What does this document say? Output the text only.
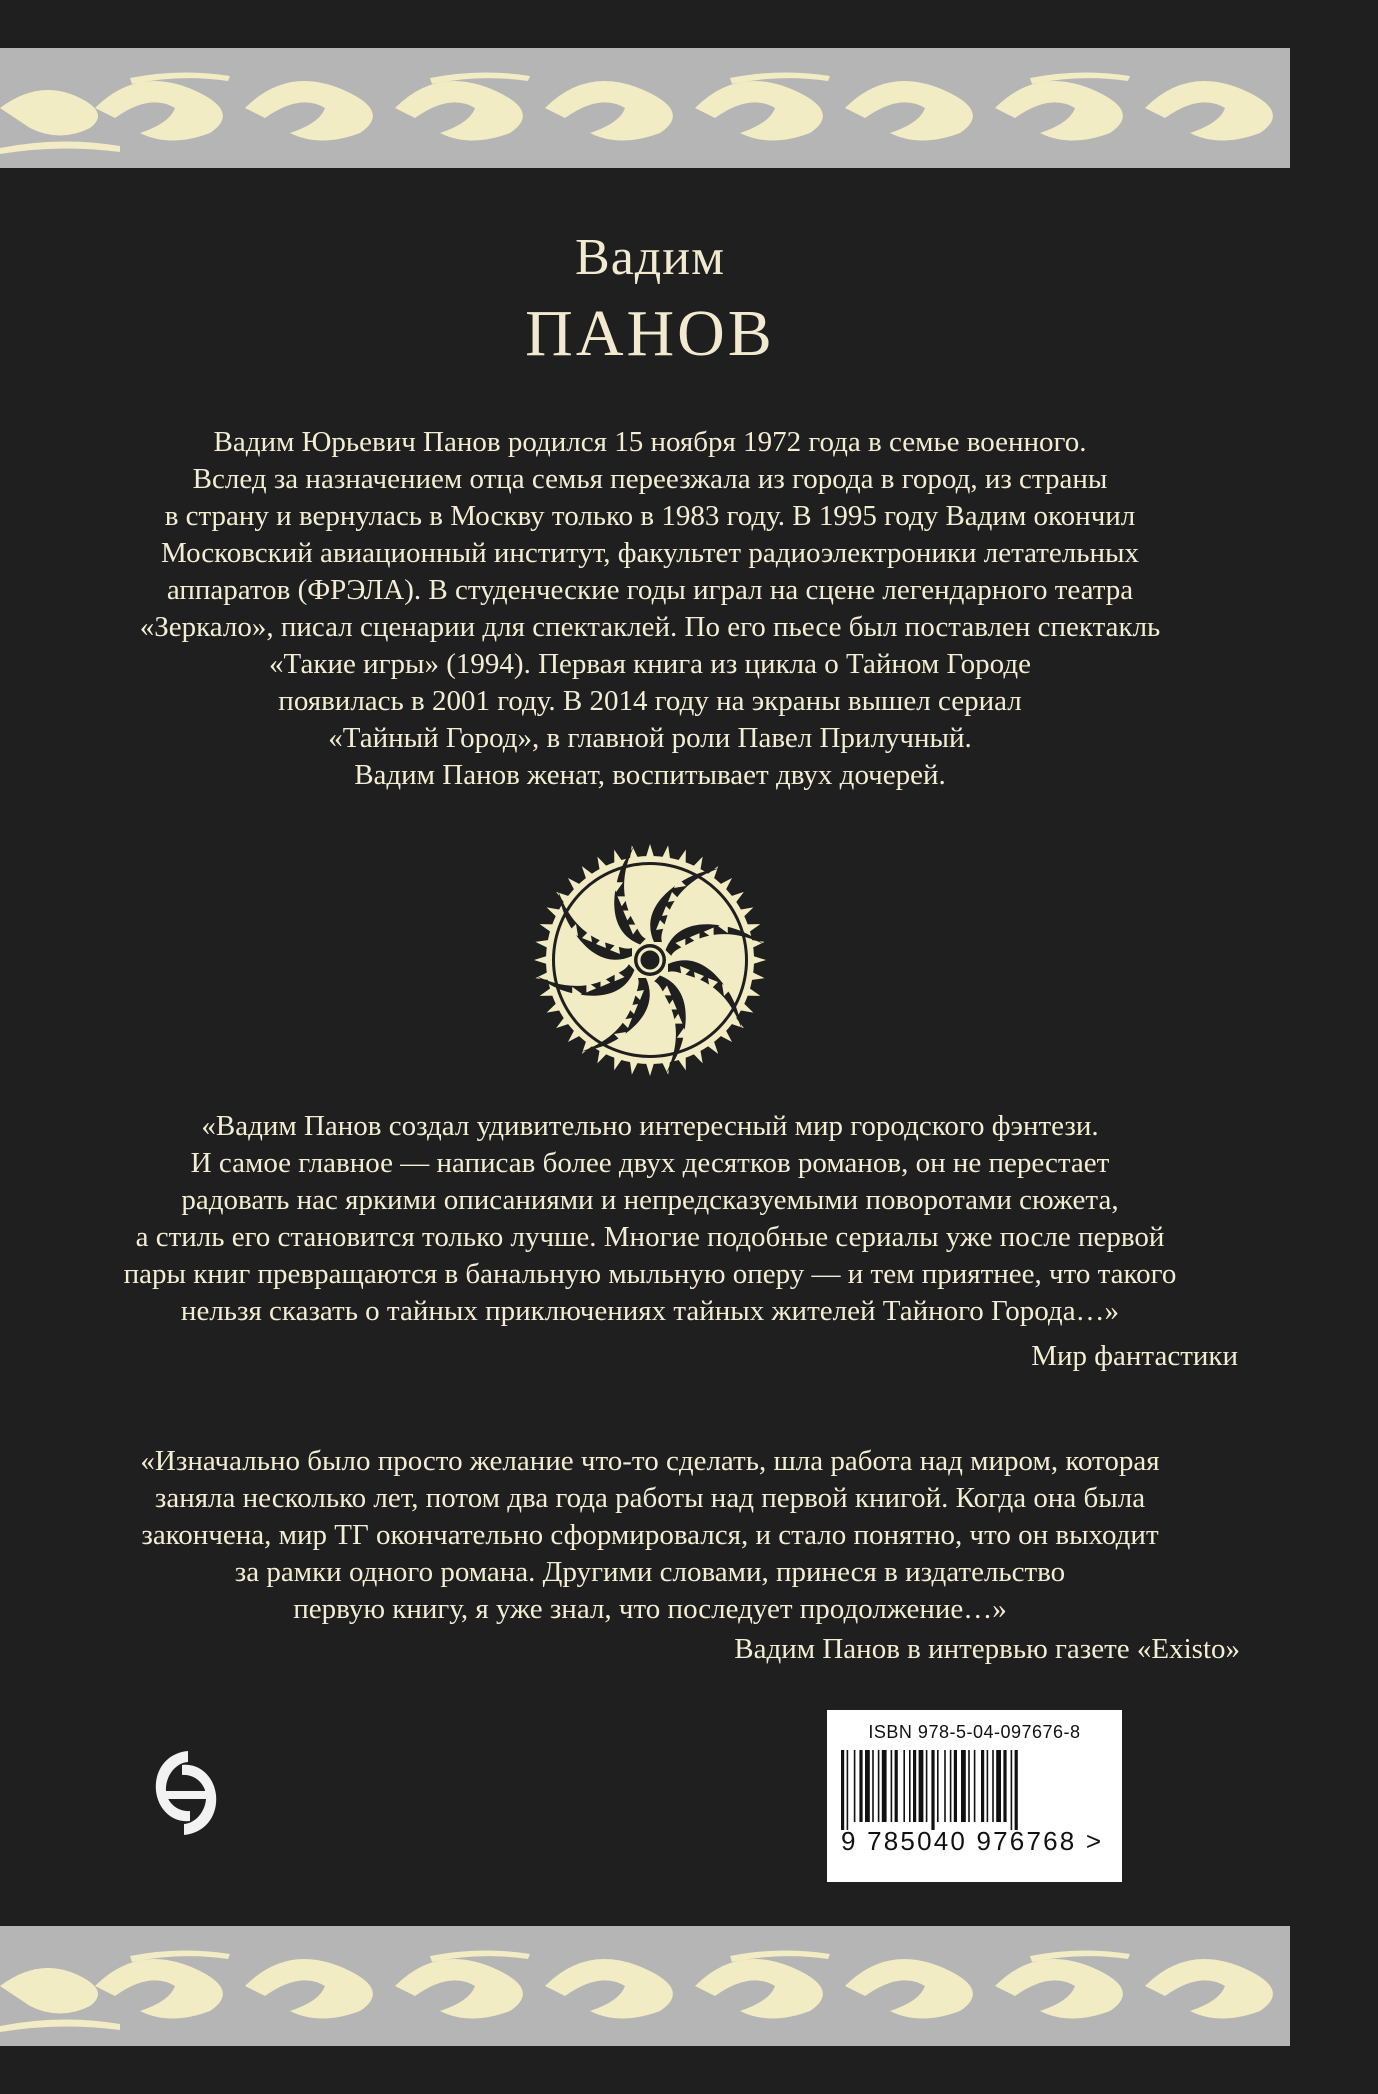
Вадим
ПАНОВ
Вадим Юрьевич Панов родился 15 ноября 1972 года в семье военного.
Вслед за назначением отца семья переезжала из города в город, из страны
в страну и вернулась в Москву только в 1983 году. В 1995 году Вадим окончил
Московский авиационный институт, факультет радиоэлектроники летательных
аппаратов (ФРЭЛА). В студенческие годы играл на сцене легендарного театра
«Зеркало», писал сценарии для спектаклей. По его пьесе был поставлен спектакль
«Такие игры» (1994). Первая книга из цикла о Тайном Городе
появилась в 2001 году. В 2014 году на экраны вышел сериал
«Тайный Город», в главной роли Павел Прилучный.
Вадим Панов женат, воспитывает двух дочерей.
«Вадим Панов создал удивительно интересный мир городского фэнтези.
И самое главное — написав более двух десятков романов, он не перестает
радовать нас яркими описаниями и непредсказуемыми поворотами сюжета,
а стиль его становится только лучше. Многие подобные сериалы уже после первой
пары книг превращаются в банальную мыльную оперу — и тем приятнее, что такого
нельзя сказать о тайных приключениях тайных жителей Тайного Города…»
Мир фантастики
«Изначально было просто желание что-то сделать, шла работа над миром, которая
заняла несколько лет, потом два года работы над первой книгой. Когда она была
закончена, мир ТГ окончательно сформировался, и стало понятно, что он выходит
за рамки одного романа. Другими словами, принеся в издательство
первую книгу, я уже знал, что последует продолжение…»
Вадим Панов в интервью газете «Existo»
ISBN 978-5-04-097676-8
9 785040 976768 >
